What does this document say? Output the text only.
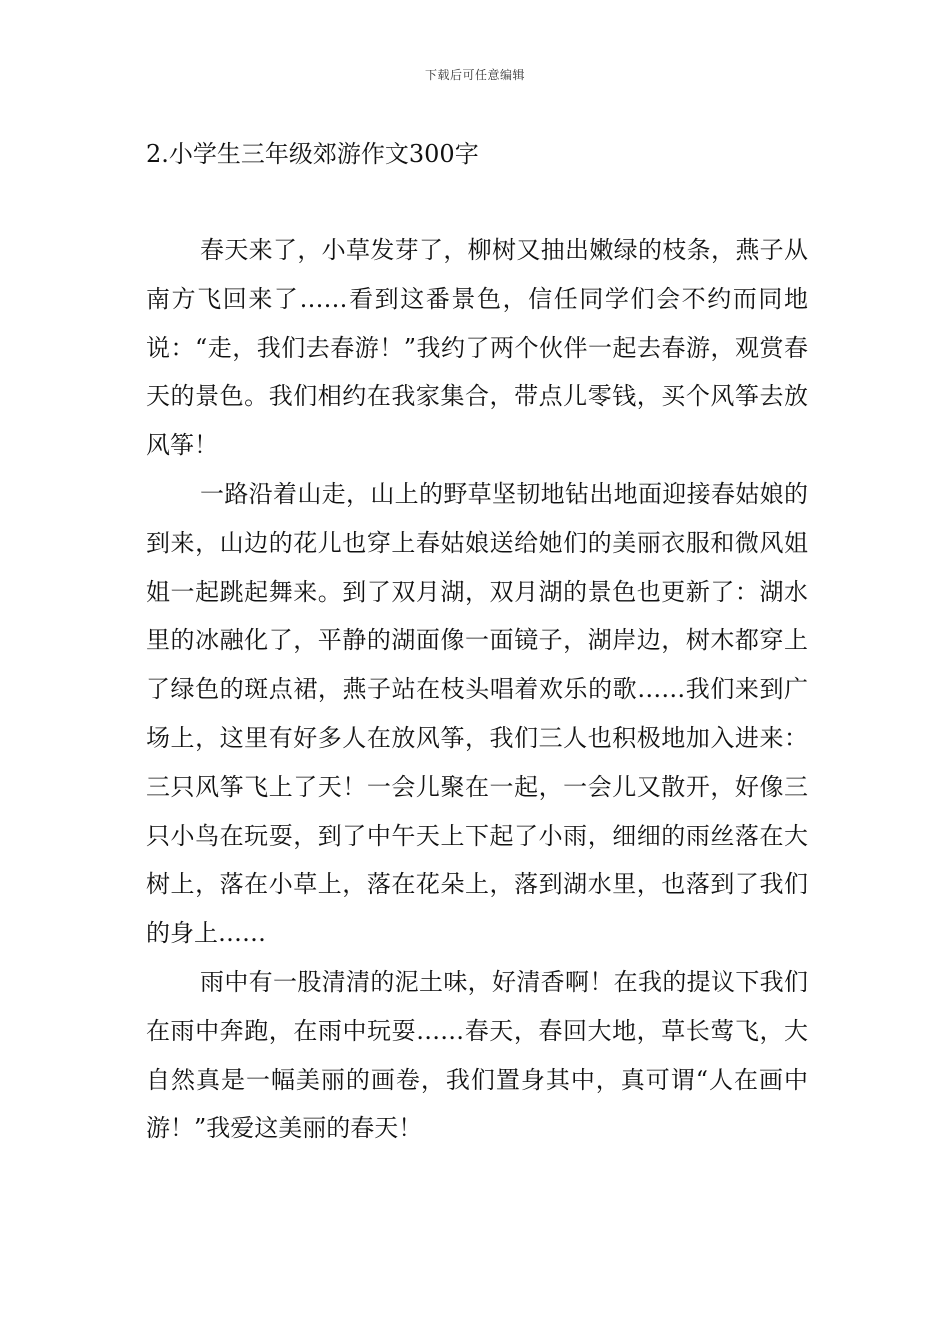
下载后可任意编辑
2.小学生三年级郊游作文300字

春天来了，小草发芽了，柳树又抽出嫩绿的枝条，燕子从南方飞回来了……看到这番景色，信任同学们会不约而同地说：“走，我们去春游！”我约了两个伙伴一起去春游，观赏春天的景色。我们相约在我家集合，带点儿零钱，买个风筝去放风筝！

一路沿着山走，山上的野草坚韧地钻出地面迎接春姑娘的到来，山边的花儿也穿上春姑娘送给她们的美丽衣服和微风姐姐一起跳起舞来。到了双月湖，双月湖的景色也更新了：湖水里的冰融化了，平静的湖面像一面镜子，湖岸边，树木都穿上了绿色的斑点裙，燕子站在枝头唱着欢乐的歌……我们来到广场上，这里有好多人在放风筝，我们三人也积极地加入进来：三只风筝飞上了天！一会儿聚在一起，一会儿又散开，好像三只小鸟在玩耍，到了中午天上下起了小雨，细细的雨丝落在大树上，落在小草上，落在花朵上，落到湖水里，也落到了我们的身上……

雨中有一股清清的泥土味，好清香啊！在我的提议下我们在雨中奔跑，在雨中玩耍……春天，春回大地，草长莺飞，大自然真是一幅美丽的画卷，我们置身其中，真可谓“人在画中游！”我爱这美丽的春天！
